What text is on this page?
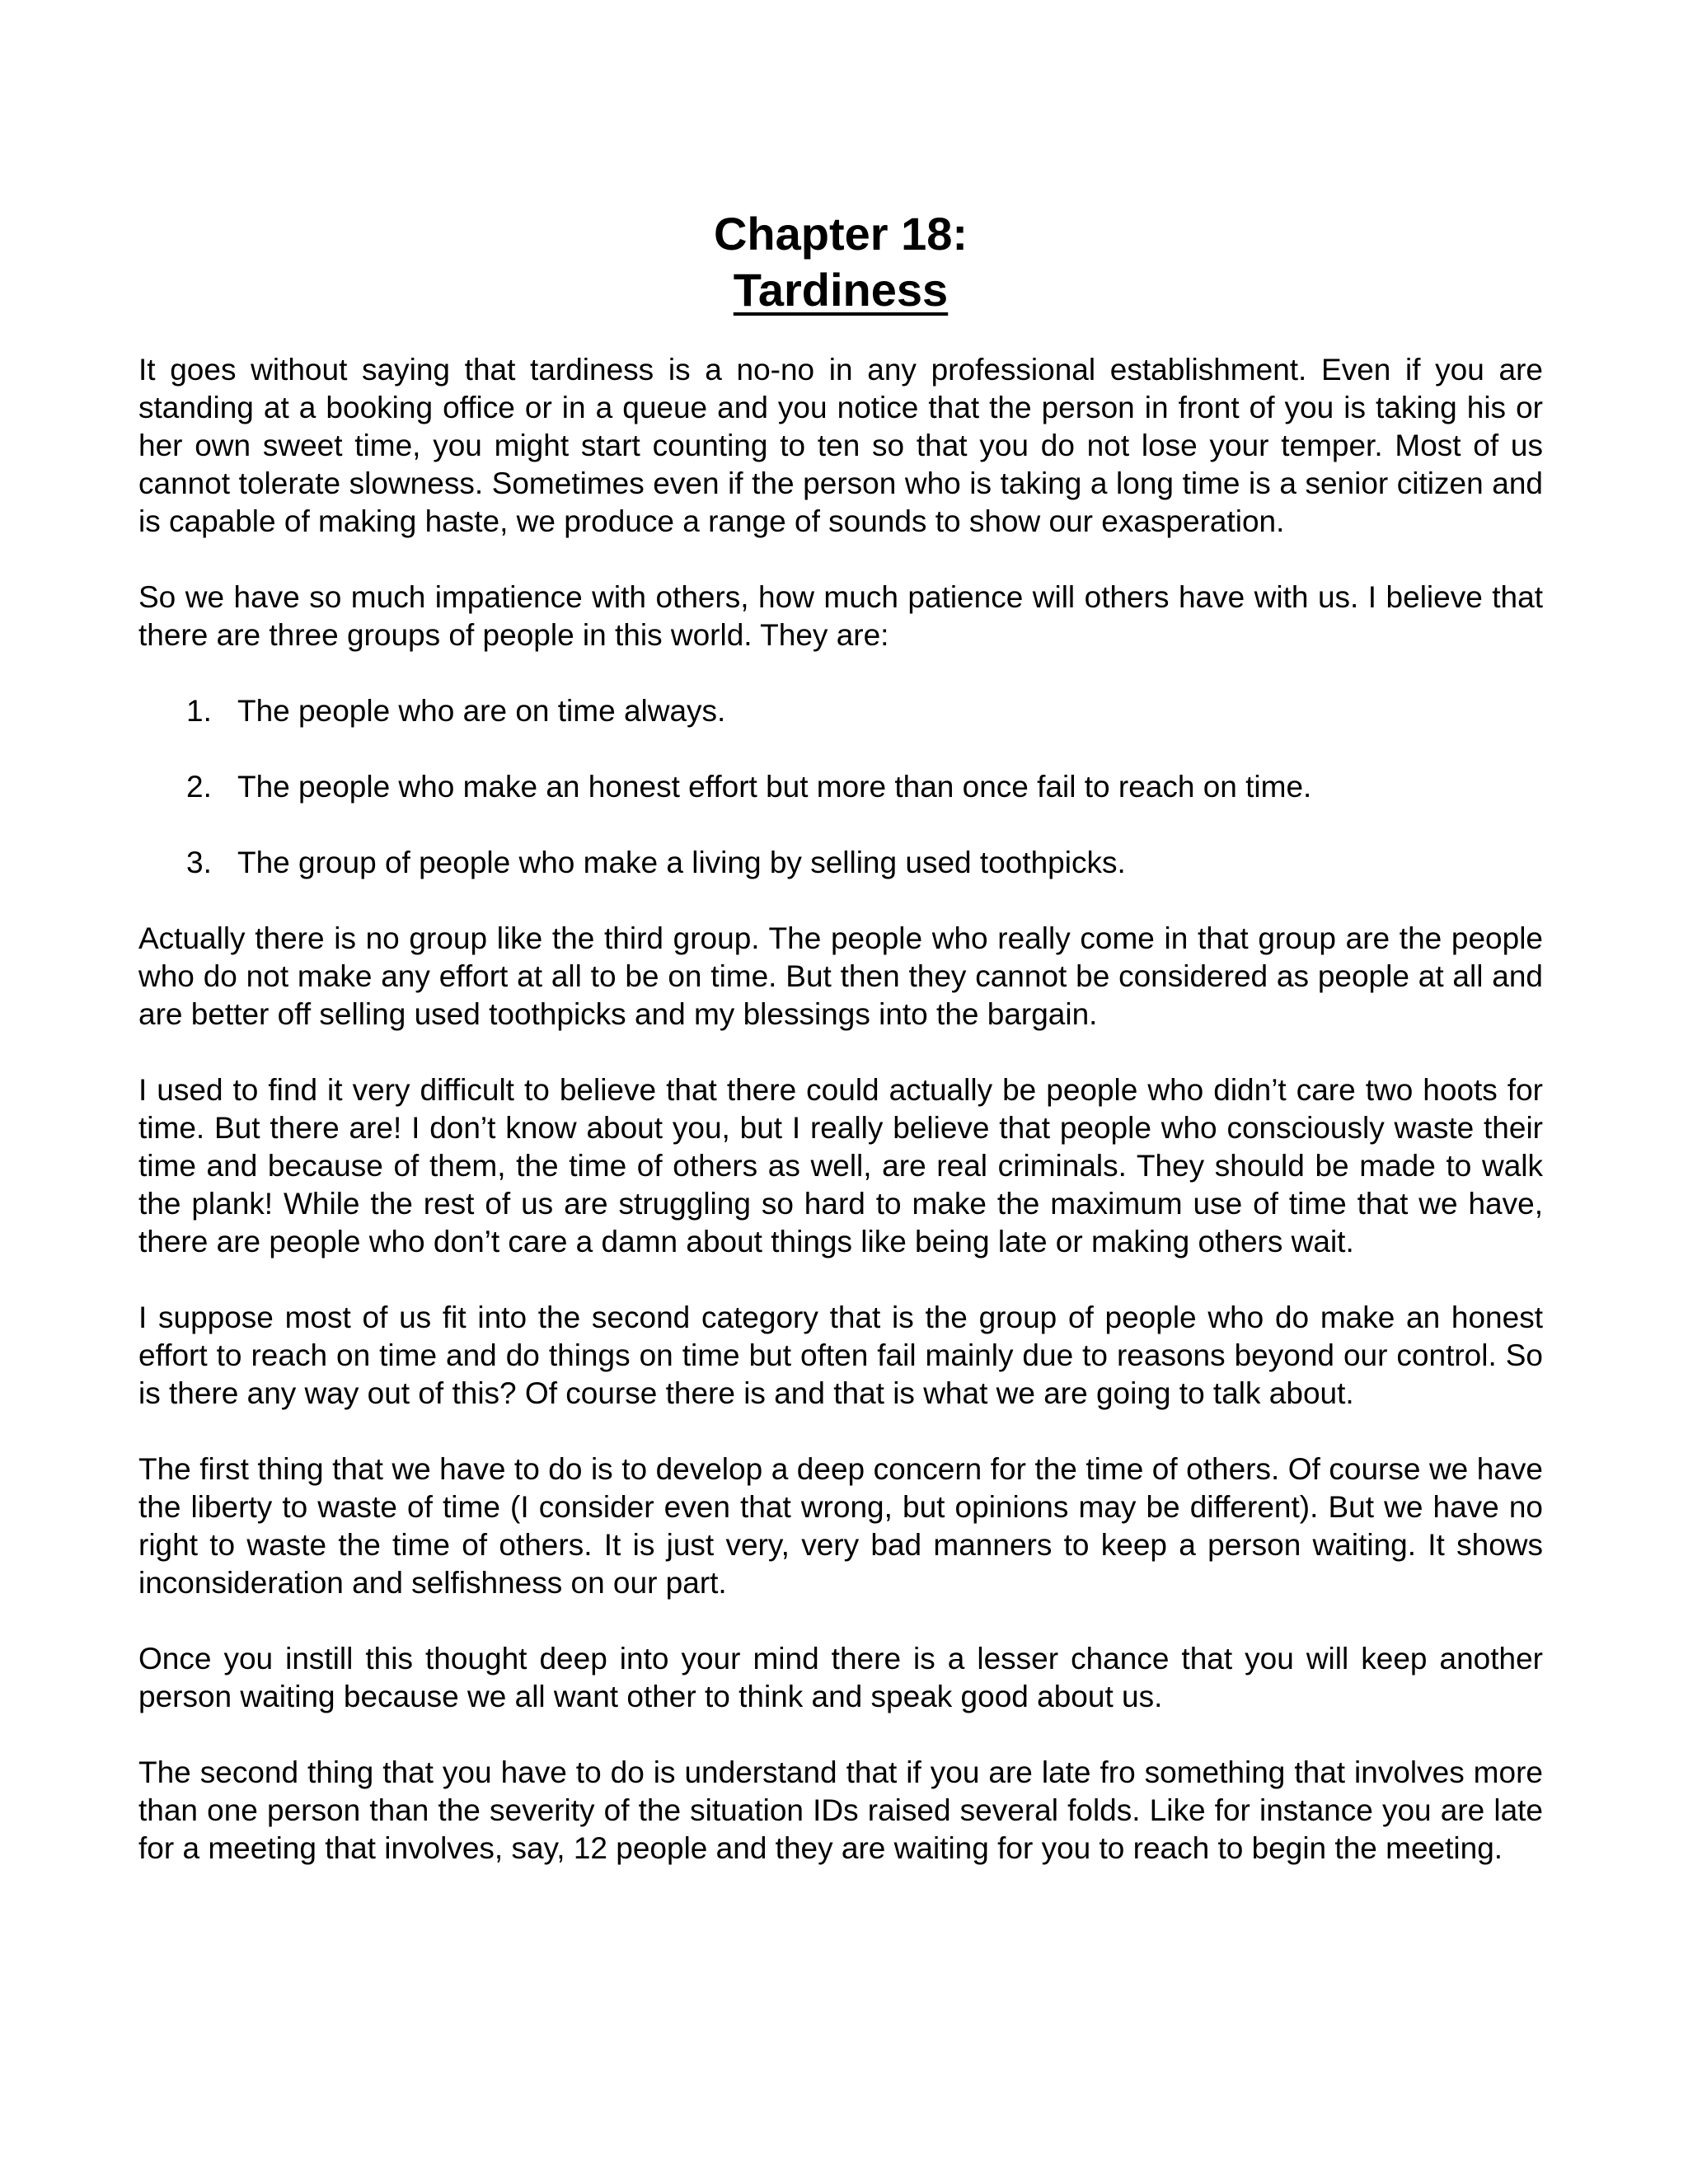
Chapter 18:
Tardiness

It goes without saying that tardiness is a no-no in any professional establishment. Even if you are standing at a booking office or in a queue and you notice that the person in front of you is taking his or her own sweet time, you might start counting to ten so that you do not lose your temper. Most of us cannot tolerate slowness. Sometimes even if the person who is taking a long time is a senior citizen and is capable of making haste, we produce a range of sounds to show our exasperation.

So we have so much impatience with others, how much patience will others have with us. I believe that there are three groups of people in this world. They are:

1. The people who are on time always.
2. The people who make an honest effort but more than once fail to reach on time.
3. The group of people who make a living by selling used toothpicks.

Actually there is no group like the third group. The people who really come in that group are the people who do not make any effort at all to be on time. But then they cannot be considered as people at all and are better off selling used toothpicks and my blessings into the bargain.

I used to find it very difficult to believe that there could actually be people who didn’t care two hoots for time. But there are! I don’t know about you, but I really believe that people who consciously waste their time and because of them, the time of others as well, are real criminals. They should be made to walk the plank! While the rest of us are struggling so hard to make the maximum use of time that we have, there are people who don’t care a damn about things like being late or making others wait.

I suppose most of us fit into the second category that is the group of people who do make an honest effort to reach on time and do things on time but often fail mainly due to reasons beyond our control. So is there any way out of this? Of course there is and that is what we are going to talk about.

The first thing that we have to do is to develop a deep concern for the time of others. Of course we have the liberty to waste of time (I consider even that wrong, but opinions may be different). But we have no right to waste the time of others. It is just very, very bad manners to keep a person waiting. It shows inconsideration and selfishness on our part.

Once you instill this thought deep into your mind there is a lesser chance that you will keep another person waiting because we all want other to think and speak good about us.

The second thing that you have to do is understand that if you are late fro something that involves more than one person than the severity of the situation IDs raised several folds. Like for instance you are late for a meeting that involves, say, 12 people and they are waiting for you to reach to begin the meeting.
